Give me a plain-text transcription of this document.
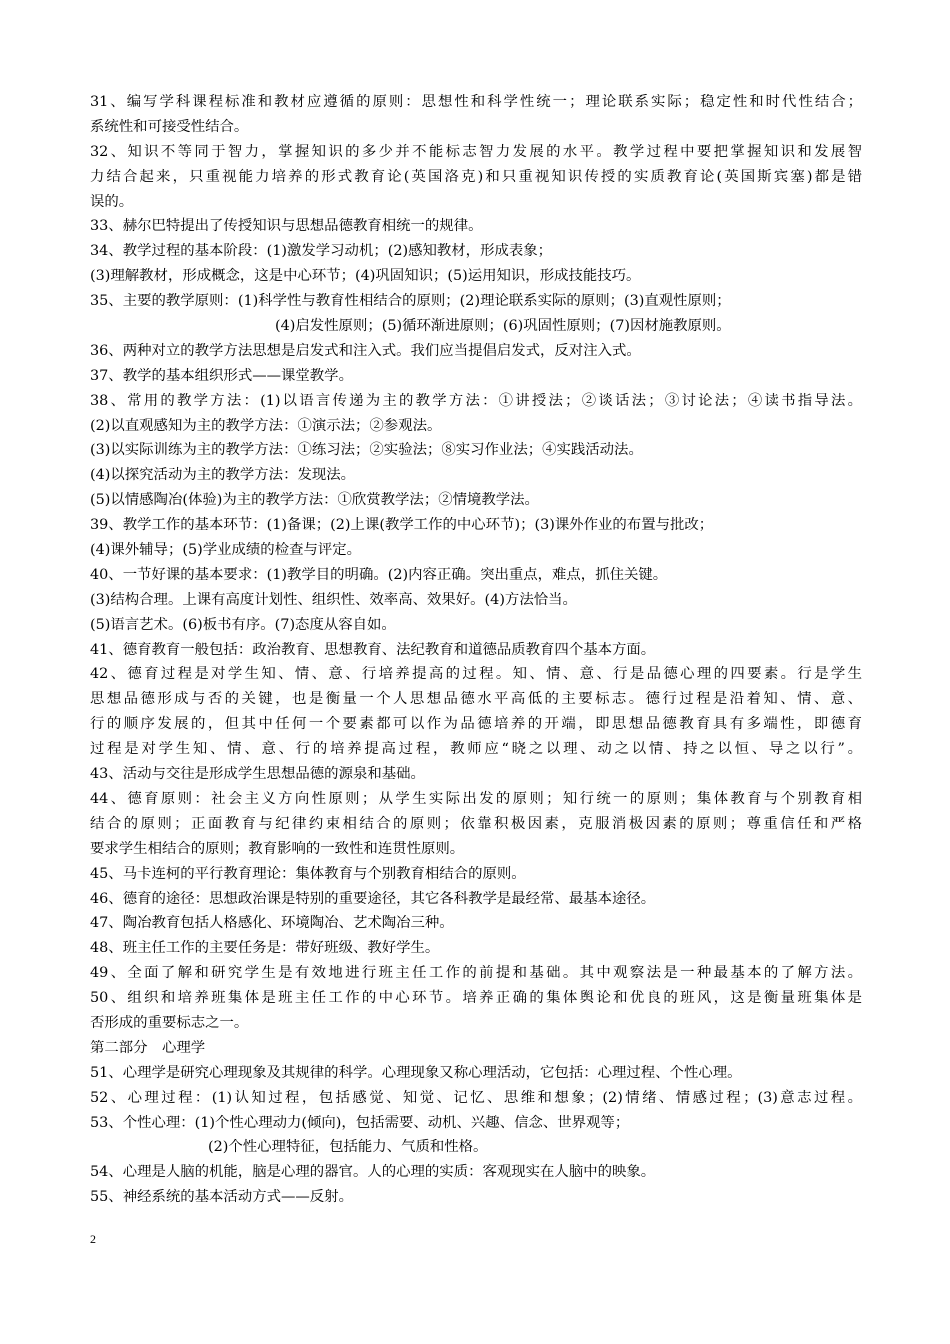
31、编写学科课程标准和教材应遵循的原则：思想性和科学性统一；理论联系实际；稳定性和时代性结合；
系统性和可接受性结合。
32、知识不等同于智力，掌握知识的多少并不能标志智力发展的水平。教学过程中要把掌握知识和发展智
力结合起来，只重视能力培养的形式教育论(英国洛克)和只重视知识传授的实质教育论(英国斯宾塞)都是错
误的。
33、赫尔巴特提出了传授知识与思想品德教育相统一的规律。
34、教学过程的基本阶段：(1)激发学习动机；(2)感知教材，形成表象；
(3)理解教材，形成概念，这是中心环节；(4)巩固知识；(5)运用知识，形成技能技巧。
35、主要的教学原则：(1)科学性与教育性相结合的原则；(2)理论联系实际的原则；(3)直观性原则；
(4)启发性原则；(5)循环渐进原则；(6)巩固性原则；(7)因材施教原则。
36、两种对立的教学方法思想是启发式和注入式。我们应当提倡启发式，反对注入式。
37、教学的基本组织形式——课堂教学。
38、常用的教学方法：(1)以语言传递为主的教学方法：①讲授法；②谈话法；③讨论法；④读书指导法。
(2)以直观感知为主的教学方法：①演示法；②参观法。
(3)以实际训练为主的教学方法：①练习法；②实验法；⑧实习作业法；④实践活动法。
(4)以探究活动为主的教学方法：发现法。
(5)以情感陶冶(体验)为主的教学方法：①欣赏教学法；②情境教学法。
39、教学工作的基本环节：(1)备课；(2)上课(教学工作的中心环节)；(3)课外作业的布置与批改；
(4)课外辅导；(5)学业成绩的检查与评定。
40、一节好课的基本要求：(1)教学目的明确。(2)内容正确。突出重点，难点，抓住关键。
(3)结构合理。上课有高度计划性、组织性、效率高、效果好。(4)方法恰当。
(5)语言艺术。(6)板书有序。(7)态度从容自如。
41、德育教育一般包括：政治教育、思想教育、法纪教育和道德品质教育四个基本方面。
42、德育过程是对学生知、情、意、行培养提高的过程。知、情、意、行是品德心理的四要素。行是学生
思想品德形成与否的关键，也是衡量一个人思想品德水平高低的主要标志。德行过程是沿着知、情、意、
行的顺序发展的，但其中任何一个要素都可以作为品德培养的开端，即思想品德教育具有多端性，即德育
过程是对学生知、情、意、行的培养提高过程，教师应“晓之以理、动之以情、持之以恒、导之以行”。
43、活动与交往是形成学生思想品德的源泉和基础。
44、德育原则：社会主义方向性原则；从学生实际出发的原则；知行统一的原则；集体教育与个别教育相
结合的原则；正面教育与纪律约束相结合的原则；依靠积极因素，克服消极因素的原则；尊重信任和严格
要求学生相结合的原则；教育影响的一致性和连贯性原则。
45、马卡连柯的平行教育理论：集体教育与个别教育相结合的原则。
46、德育的途径：思想政治课是特别的重要途径，其它各科教学是最经常、最基本途径。
47、陶冶教育包括人格感化、环境陶冶、艺术陶冶三种。
48、班主任工作的主要任务是：带好班级、教好学生。
49、全面了解和研究学生是有效地进行班主任工作的前提和基础。其中观察法是一种最基本的了解方法。
50、组织和培养班集体是班主任工作的中心环节。培养正确的集体舆论和优良的班风，这是衡量班集体是
否形成的重要标志之一。
第二部分　心理学
51、心理学是研究心理现象及其规律的科学。心理现象又称心理活动，它包括：心理过程、个性心理。
52、心理过程：(1)认知过程，包括感觉、知觉、记忆、思维和想象；(2)情绪、情感过程；(3)意志过程。
53、个性心理：(1)个性心理动力(倾向)，包括需要、动机、兴趣、信念、世界观等；
(2)个性心理特征，包括能力、气质和性格。
54、心理是人脑的机能，脑是心理的器官。人的心理的实质：客观现实在人脑中的映象。
55、神经系统的基本活动方式——反射。
2
